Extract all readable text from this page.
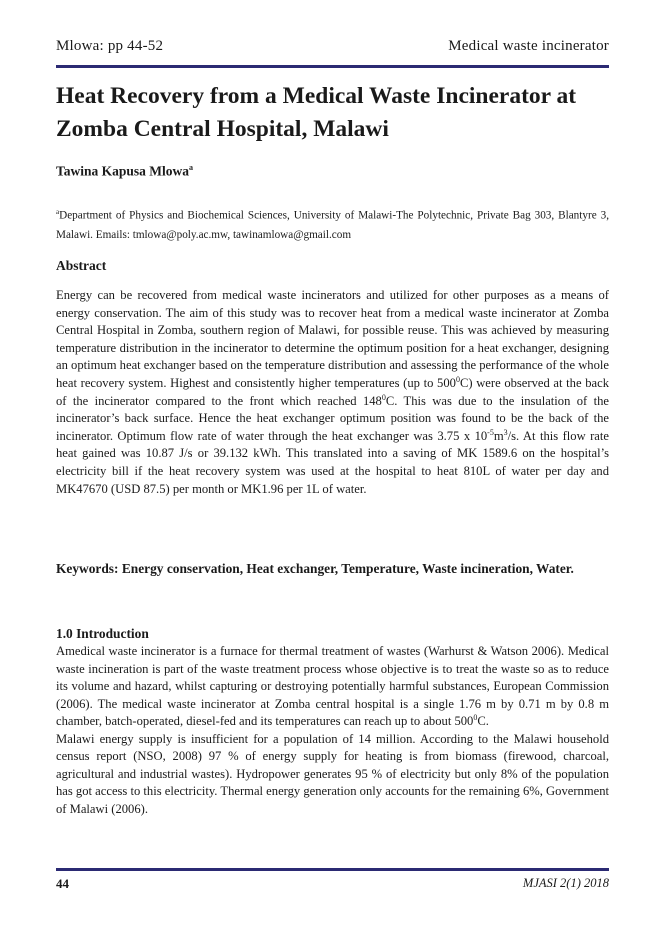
Mlowa: pp 44-52	Medical waste incinerator
Heat Recovery from a Medical Waste Incinerator at Zomba Central Hospital, Malawi

Tawina Kapusa Mlowa$^a$

$^a$Department of Physics and Biochemical Sciences, University of Malawi-The Polytechnic, Private Bag 303, Blantyre 3, Malawi. Emails: tmlowa@poly.ac.mw, tawinamlowa@gmail.com

Abstract

Energy can be recovered from medical waste incinerators and utilized for other purposes as a means of energy conservation. The aim of this study was to recover heat from a medical waste incinerator at Zomba Central Hospital in Zomba, southern region of Malawi, for possible reuse. This was achieved by measuring temperature distribution in the incinerator to determine the optimum position for a heat exchanger, designing an optimum heat exchanger based on the temperature distribution and assessing the performance of the whole heat recovery system. Highest and consistently higher temperatures (up to $500^0C$) were observed at the back of the incinerator compared to the front which reached $148^0C$. This was due to the insulation of the incinerator’s back surface. Hence the heat exchanger optimum position was found to be the back of the incinerator. Optimum flow rate of water through the heat exchanger was 3.75 x $10^{-5}m^3/s$. At this flow rate heat gained was 10.87 J/s or 39.132 kWh. This translated into a saving of MK 1589.6 on the hospital’s electricity bill if the heat recovery system was used at the hospital to heat 810L of water per day and MK47670 (USD 87.5) per month or MK1.96 per 1L of water.

Keywords: Energy conservation, Heat exchanger, Temperature, Waste incineration, Water.

1.0 Introduction

Amedical waste incinerator is a furnace for thermal treatment of wastes (Warhurst & Watson 2006). Medical waste incineration is part of the waste treatment process whose objective is to treat the waste so as to reduce its volume and hazard, whilst capturing or destroying potentially harmful substances, European Commission (2006). The medical waste incinerator at Zomba central hospital is a single 1.76 m by 0.71 m by 0.8 m chamber, batch-operated, diesel-fed and its temperatures can reach up to about $500^0C$.

Malawi energy supply is insufficient for a population of 14 million. According to the Malawi household census report (NSO, 2008) 97 % of energy supply for heating is from biomass (firewood, charcoal, agricultural and industrial wastes). Hydropower generates 95 % of electricity but only 8% of the population has got access to this electricity. Thermal energy generation only accounts for the remaining 6%, Government of Malawi (2006).

44	MJASI 2(1) 2018
